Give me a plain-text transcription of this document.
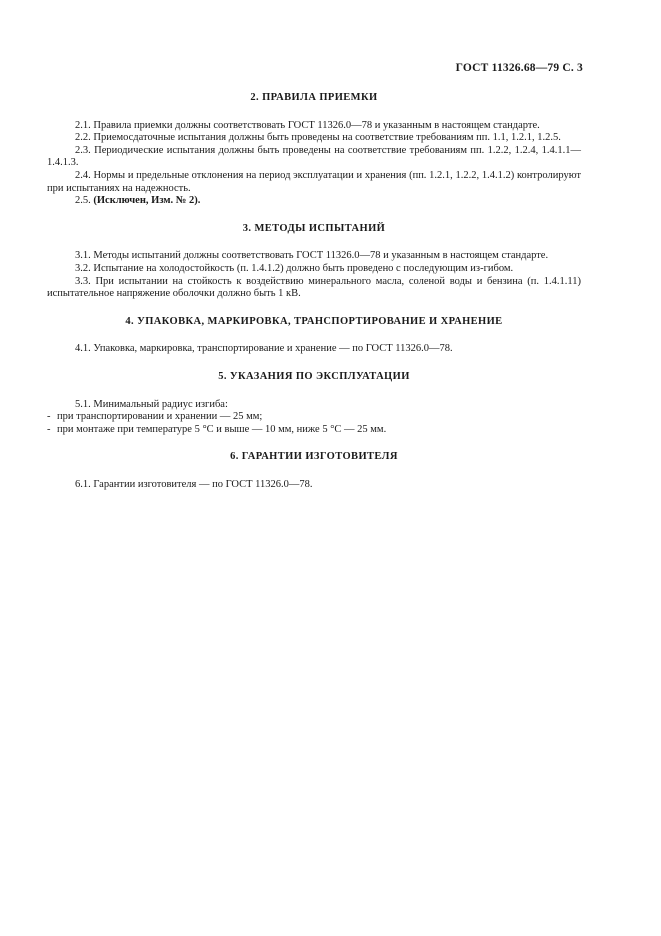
ГОСТ 11326.68—79 С. 3
2. ПРАВИЛА ПРИЕМКИ

2.1. Правила приемки должны соответствовать ГОСТ 11326.0—78 и указанным в настоящем стандарте.

2.2. Приемосдаточные испытания должны быть проведены на соответствие требованиям пп. 1.1, 1.2.1, 1.2.5.

2.3. Периодические испытания должны быть проведены на соответствие требованиям пп. 1.2.2, 1.2.4, 1.4.1.1—1.4.1.3.

2.4. Нормы и предельные отклонения на период эксплуатации и хранения (пп. 1.2.1, 1.2.2, 1.4.1.2) контролируют при испытаниях на надежность.

2.5. (Исключен, Изм. № 2).

3. МЕТОДЫ ИСПЫТАНИЙ

3.1. Методы испытаний должны соответствовать ГОСТ 11326.0—78 и указанным в настоящем стандарте.

3.2. Испытание на холодостойкость (п. 1.4.1.2) должно быть проведено с последующим из-гибом.

3.3. При испытании на стойкость к воздействию минерального масла, соленой воды и бензина (п. 1.4.1.11) испытательное напряжение оболочки должно быть 1 кВ.

4. УПАКОВКА, МАРКИРОВКА, ТРАНСПОРТИРОВАНИЕ И ХРАНЕНИЕ

4.1. Упаковка, маркировка, транспортирование и хранение — по ГОСТ 11326.0—78.

5. УКАЗАНИЯ ПО ЭКСПЛУАТАЦИИ

5.1. Минимальный радиус изгиба:

- при транспортировании и хранении — 25 мм;

- при монтаже при температуре 5 °С и выше — 10 мм, ниже 5 °С — 25 мм.

6. ГАРАНТИИ ИЗГОТОВИТЕЛЯ

6.1. Гарантии изготовителя — по ГОСТ 11326.0—78.
